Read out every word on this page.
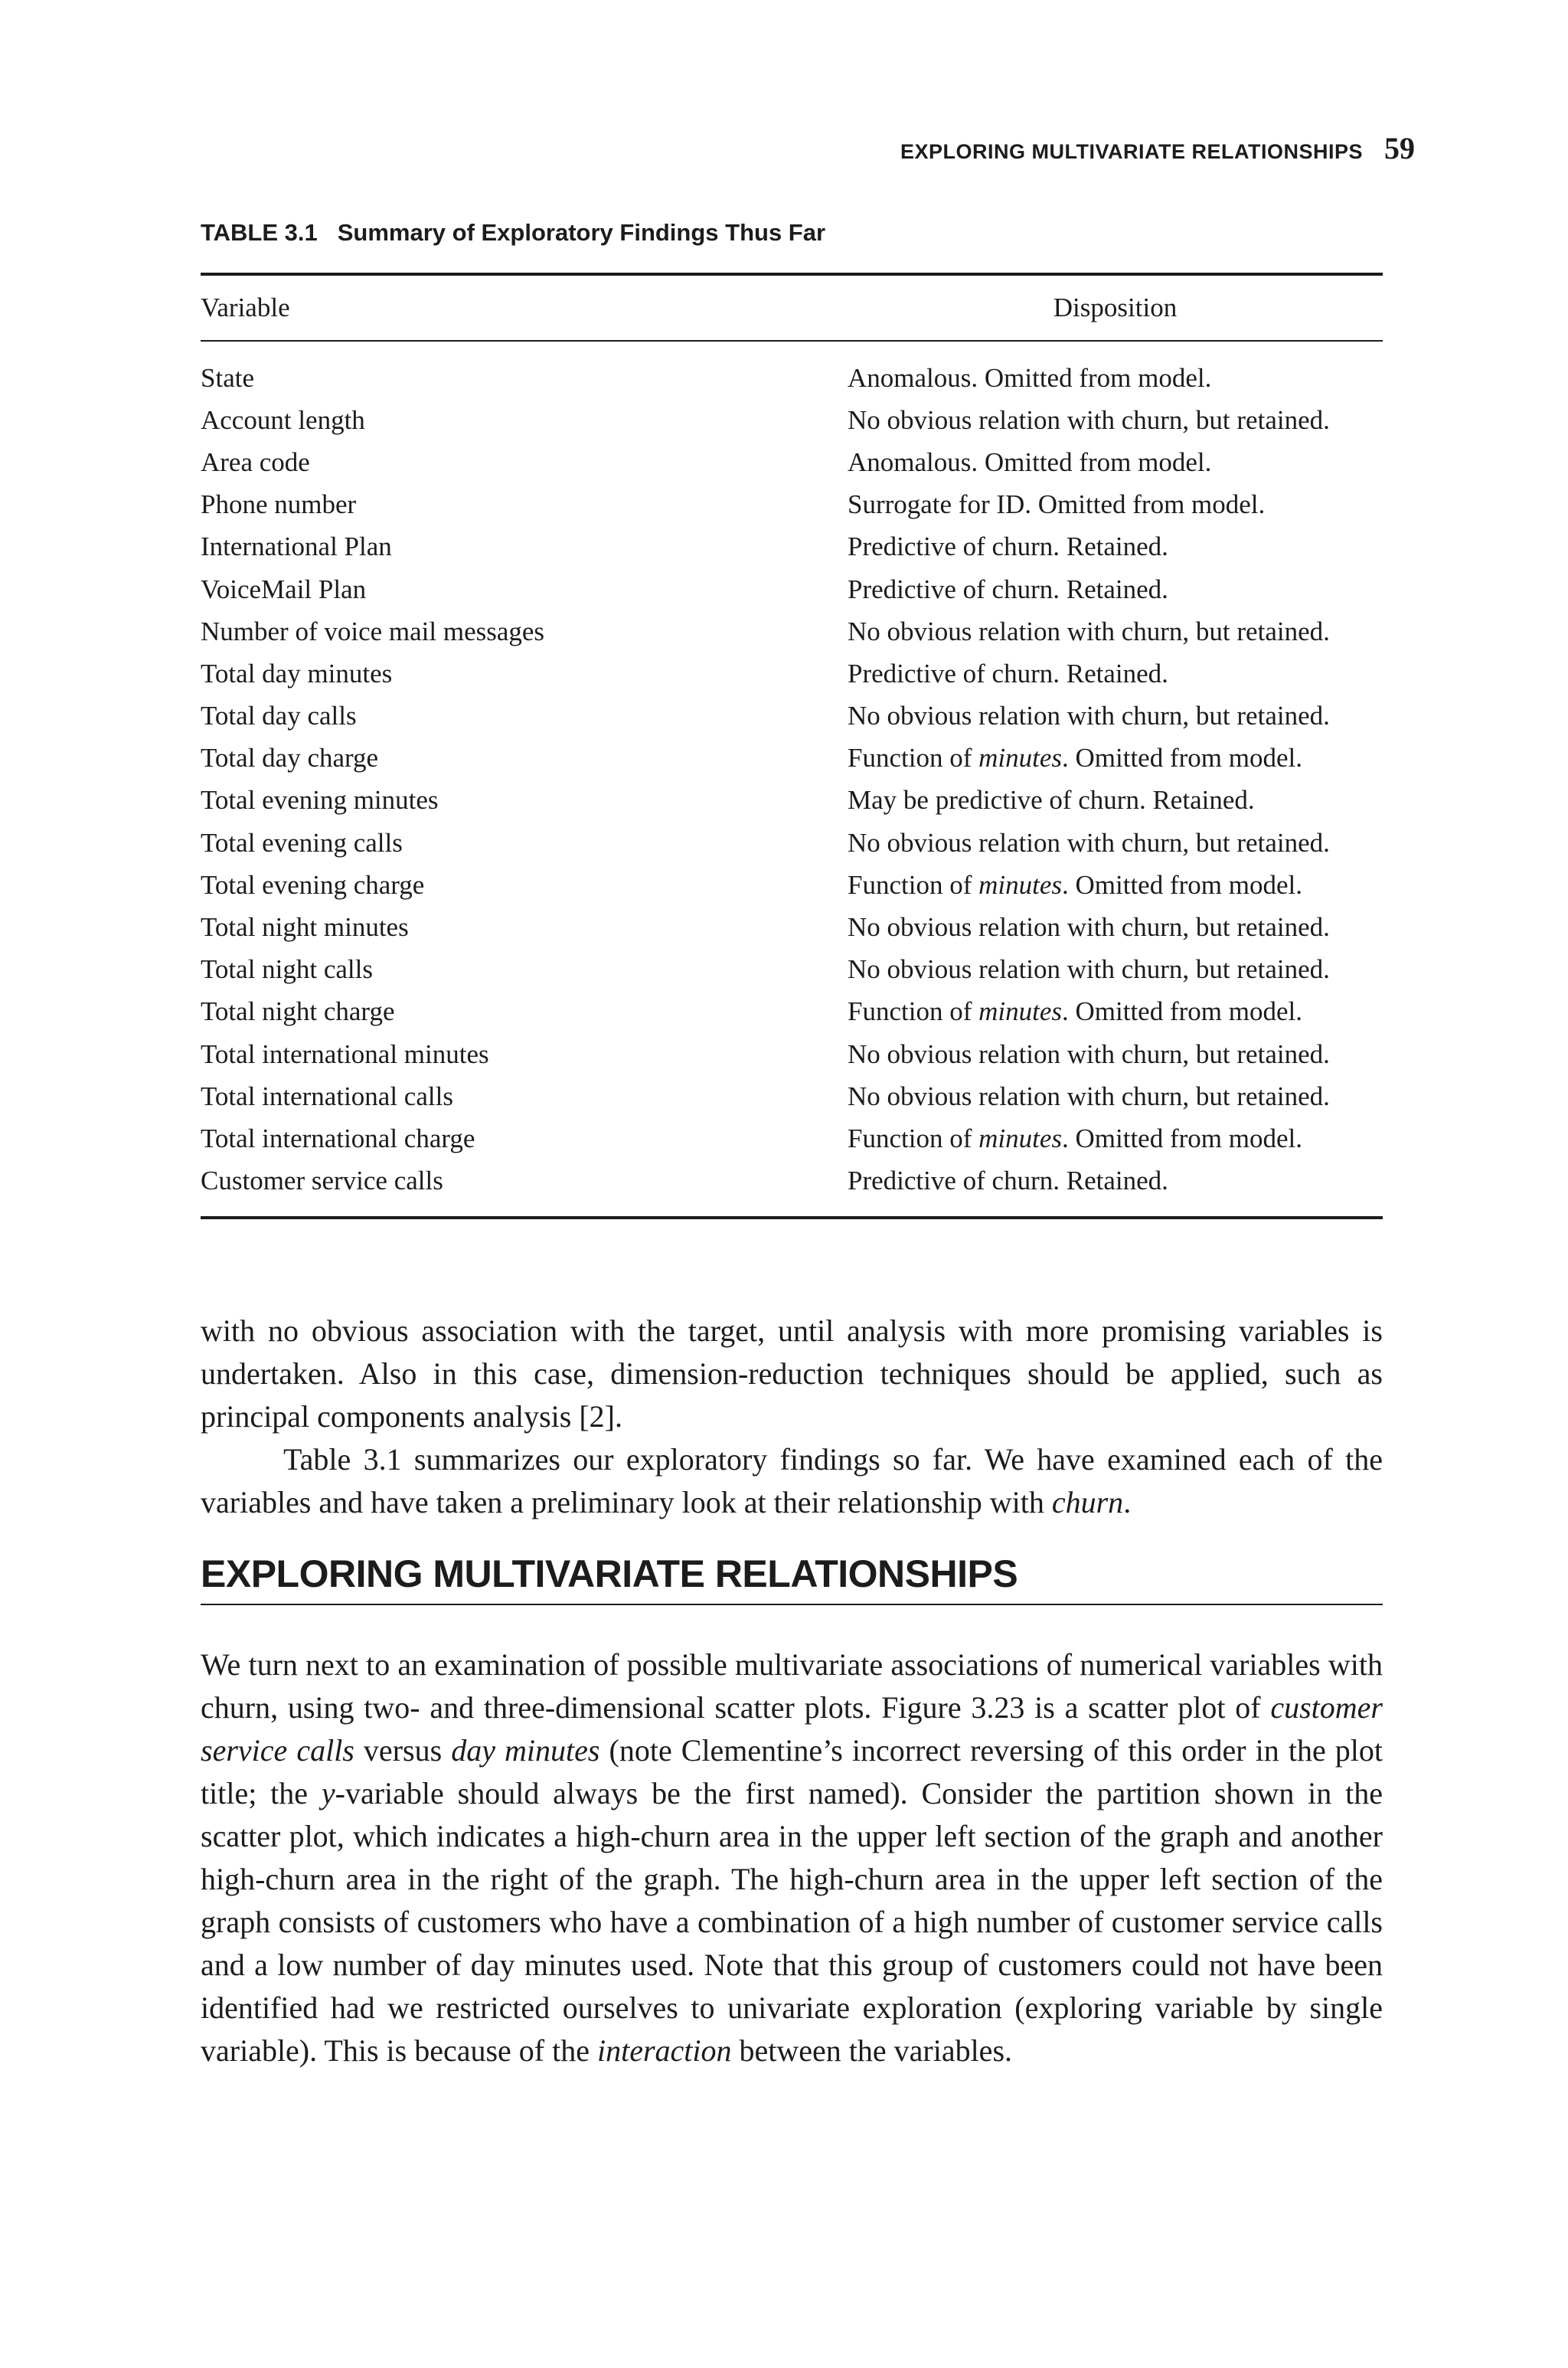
EXPLORING MULTIVARIATE RELATIONSHIPS 59
TABLE 3.1 Summary of Exploratory Findings Thus Far
Variable	Disposition
State	Anomalous. Omitted from model.
Account length	No obvious relation with churn, but retained.
Area code	Anomalous. Omitted from model.
Phone number	Surrogate for ID. Omitted from model.
International Plan	Predictive of churn. Retained.
VoiceMail Plan	Predictive of churn. Retained.
Number of voice mail messages	No obvious relation with churn, but retained.
Total day minutes	Predictive of churn. Retained.
Total day calls	No obvious relation with churn, but retained.
Total day charge	Function of minutes. Omitted from model.
Total evening minutes	May be predictive of churn. Retained.
Total evening calls	No obvious relation with churn, but retained.
Total evening charge	Function of minutes. Omitted from model.
Total night minutes	No obvious relation with churn, but retained.
Total night calls	No obvious relation with churn, but retained.
Total night charge	Function of minutes. Omitted from model.
Total international minutes	No obvious relation with churn, but retained.
Total international calls	No obvious relation with churn, but retained.
Total international charge	Function of minutes. Omitted from model.
Customer service calls	Predictive of churn. Retained.

with no obvious association with the target, until analysis with more promising variables is undertaken. Also in this case, dimension-reduction techniques should be applied, such as principal components analysis [2].

Table 3.1 summarizes our exploratory findings so far. We have examined each of the variables and have taken a preliminary look at their relationship with churn.

EXPLORING MULTIVARIATE RELATIONSHIPS

We turn next to an examination of possible multivariate associations of numerical variables with churn, using two- and three-dimensional scatter plots. Figure 3.23 is a scatter plot of customer service calls versus day minutes (note Clementine’s incorrect reversing of this order in the plot title; the y-variable should always be the first named). Consider the partition shown in the scatter plot, which indicates a high-churn area in the upper left section of the graph and another high-churn area in the right of the graph. The high-churn area in the upper left section of the graph consists of customers who have a combination of a high number of customer service calls and a low number of day minutes used. Note that this group of customers could not have been identified had we restricted ourselves to univariate exploration (exploring variable by single variable). This is because of the interaction between the variables.
